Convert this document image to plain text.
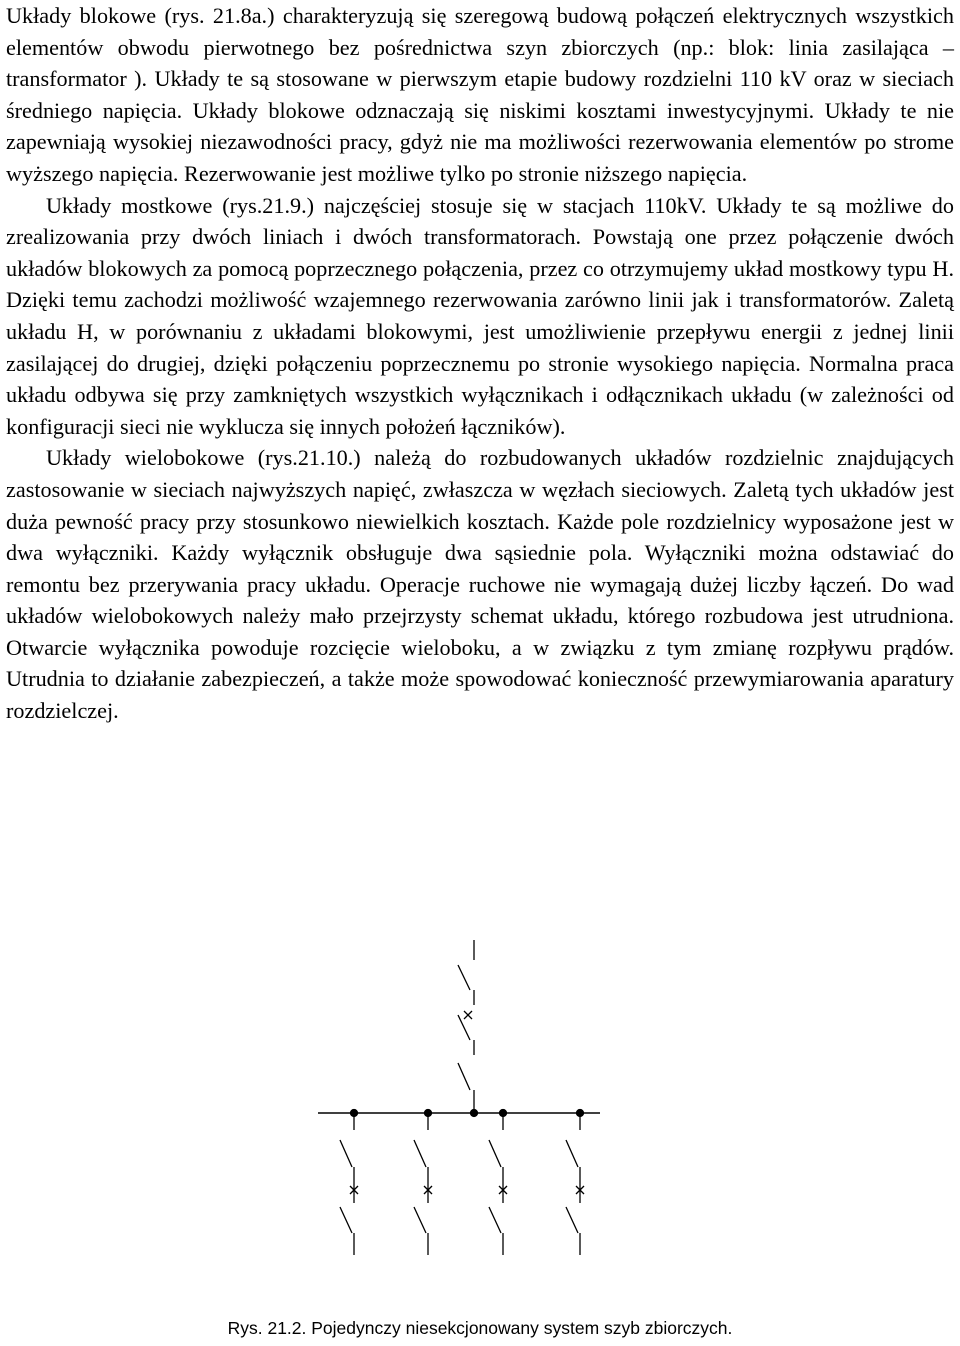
Układy blokowe (rys. 21.8a.) charakteryzują się szeregową budową połączeń elektrycznych wszystkich elementów obwodu pierwotnego bez pośrednictwa szyn zbiorczych (np.: blok: linia zasilająca – transformator ). Układy te są stosowane w pierwszym etapie budowy rozdzielni 110 kV oraz w sieciach średniego napięcia. Układy blokowe odznaczają się niskimi kosztami inwestycyjnymi. Układy te nie zapewniają wysokiej niezawodności pracy, gdyż nie ma możliwości rezerwowania elementów po strome wyższego napięcia. Rezerwowanie jest możliwe tylko po stronie niższego napięcia.

Układy mostkowe (rys.21.9.) najczęściej stosuje się w stacjach 110kV. Układy te są możliwe do zrealizowania przy dwóch liniach i dwóch transformatorach. Powstają one przez połączenie dwóch układów blokowych za pomocą poprzecznego połączenia, przez co otrzymujemy układ mostkowy typu H. Dzięki temu zachodzi możliwość wzajemnego rezerwowania zarówno linii jak i transformatorów. Zaletą układu H, w porównaniu z układami blokowymi, jest umożliwienie przepływu energii z jednej linii zasilającej do drugiej, dzięki połączeniu poprzecznemu po stronie wysokiego napięcia. Normalna praca układu odbywa się przy zamkniętych wszystkich wyłącznikach i odłącznikach układu (w zależności od konfiguracji sieci nie wyklucza się innych położeń łączników).

Układy wielobokowe (rys.21.10.) należą do rozbudowanych układów rozdzielnic znajdujących zastosowanie w sieciach najwyższych napięć, zwłaszcza w węzłach sieciowych. Zaletą tych układów jest duża pewność pracy przy stosunkowo niewielkich kosztach. Każde pole rozdzielnicy wyposażone jest w dwa wyłączniki. Każdy wyłącznik obsługuje dwa sąsiednie pola. Wyłączniki można odstawiać do remontu bez przerywania pracy układu. Operacje ruchowe nie wymagają dużej liczby łączeń. Do wad układów wielobokowych należy mało przejrzysty schemat układu, którego rozbudowa jest utrudniona. Otwarcie wyłącznika powoduje rozcięcie wieloboku, a w związku z tym zmianę rozpływu prądów. Utrudnia to działanie zabezpieczeń, a także może spowodować konieczność przewymiarowania aparatury rozdzielczej.

Rys. 21.2. Pojedynczy niesekcjonowany system szyb zbiorczych.
